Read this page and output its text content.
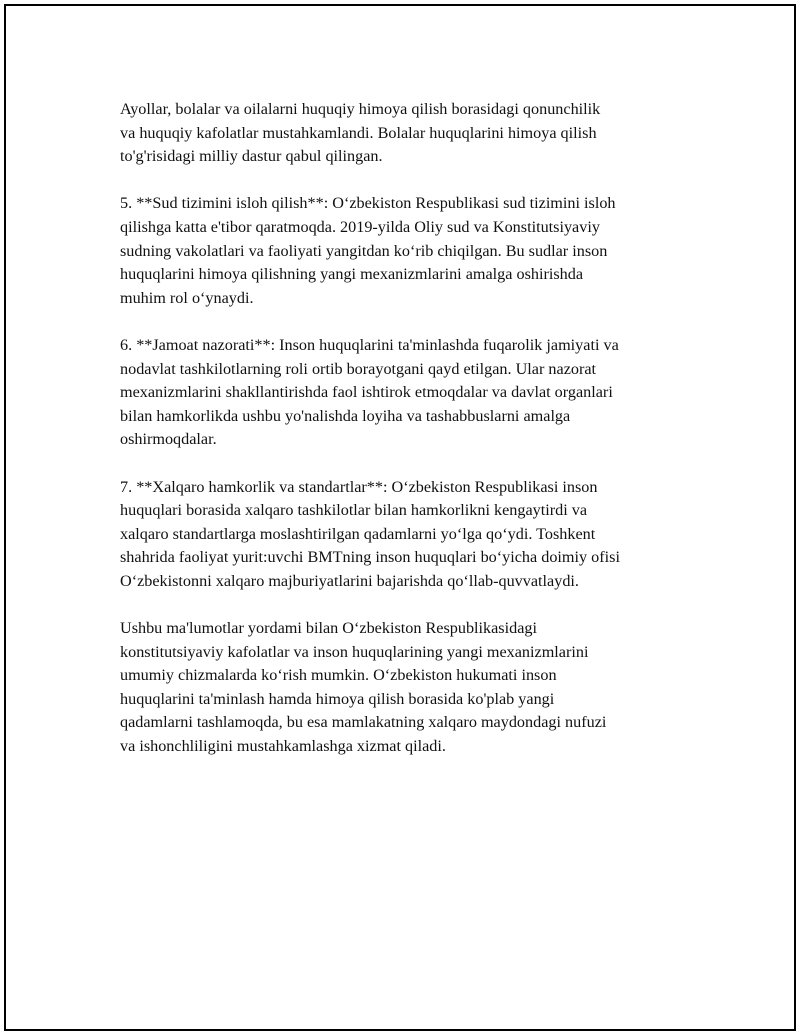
Ayollar, bolalar va oilalarni huquqiy himoya qilish borasidagi qonunchilik
va huquqiy kafolatlar mustahkamlandi. Bolalar huquqlarini himoya qilish
to'g'risidagi milliy dastur qabul qilingan.

5. **Sud tizimini isloh qilish**: O‘zbekiston Respublikasi sud tizimini isloh
qilishga katta e'tibor qaratmoqda. 2019-yilda Oliy sud va Konstitutsiyaviy
sudning vakolatlari va faoliyati yangitdan ko‘rib chiqilgan. Bu sudlar inson
huquqlarini himoya qilishning yangi mexanizmlarini amalga oshirishda
muhim rol o‘ynaydi.

6. **Jamoat nazorati**: Inson huquqlarini ta'minlashda fuqarolik jamiyati va
nodavlat tashkilotlarning roli ortib borayotgani qayd etilgan. Ular nazorat
mexanizmlarini shakllantirishda faol ishtirok etmoqdalar va davlat organlari
bilan hamkorlikda ushbu yo'nalishda loyiha va tashabbuslarni amalga
oshirmoqdalar.

7. **Xalqaro hamkorlik va standartlar**: O‘zbekiston Respublikasi inson
huquqlari borasida xalqaro tashkilotlar bilan hamkorlikni kengaytirdi va
xalqaro standartlarga moslashtirilgan qadamlarni yo‘lga qo‘ydi. Toshkent
shahrida faoliyat yurit:uvchi BMTning inson huquqlari bo‘yicha doimiy ofisi
O‘zbekistonni xalqaro majburiyatlarini bajarishda qo‘llab-quvvatlaydi.

Ushbu ma'lumotlar yordami bilan O‘zbekiston Respublikasidagi
konstitutsiyaviy kafolatlar va inson huquqlarining yangi mexanizmlarini
umumiy chizmalarda ko‘rish mumkin. O‘zbekiston hukumati inson
huquqlarini ta'minlash hamda himoya qilish borasida ko'plab yangi
qadamlarni tashlamoqda, bu esa mamlakatning xalqaro maydondagi nufuzi
va ishonchliligini mustahkamlashga xizmat qiladi.
